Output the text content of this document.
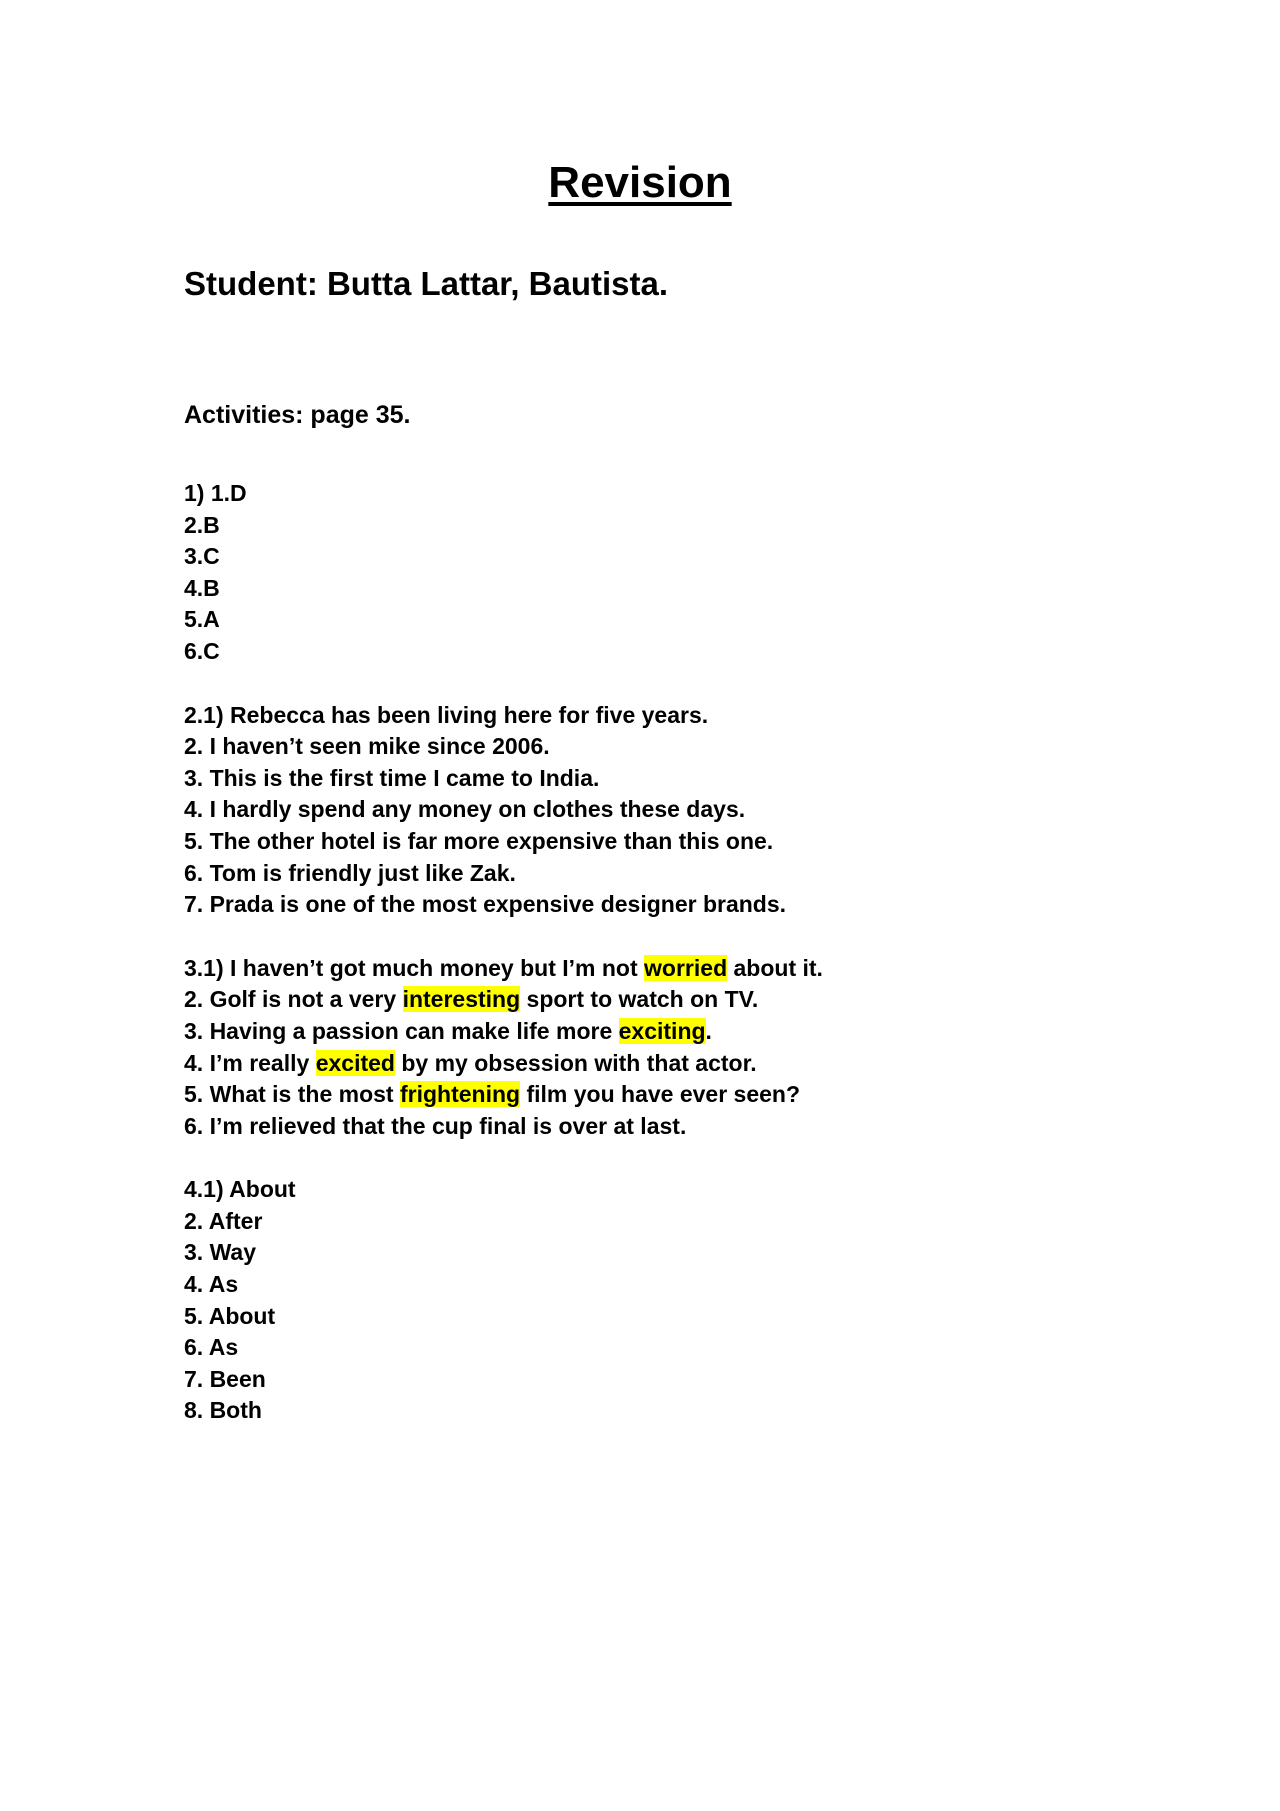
Revision

Student: Butta Lattar, Bautista.

Activities: page 35.

1) 1.D
2.B
3.C
4.B
5.A
6.C
2.1) Rebecca has been living here for five years.
2. I haven’t seen mike since 2006.
3. This is the first time I came to India.
4. I hardly spend any money on clothes these days.
5. The other hotel is far more expensive than this one.
6. Tom is friendly just like Zak.
7. Prada is one of the most expensive designer brands.
3.1) I haven’t got much money but I’m not worried about it.
2. Golf is not a very interesting sport to watch on TV.
3. Having a passion can make life more exciting.
4. I’m really excited by my obsession with that actor.
5. What is the most frightening film you have ever seen?
6. I’m relieved that the cup final is over at last.
4.1) About
2. After
3. Way
4. As
5. About
6. As
7. Been
8. Both
